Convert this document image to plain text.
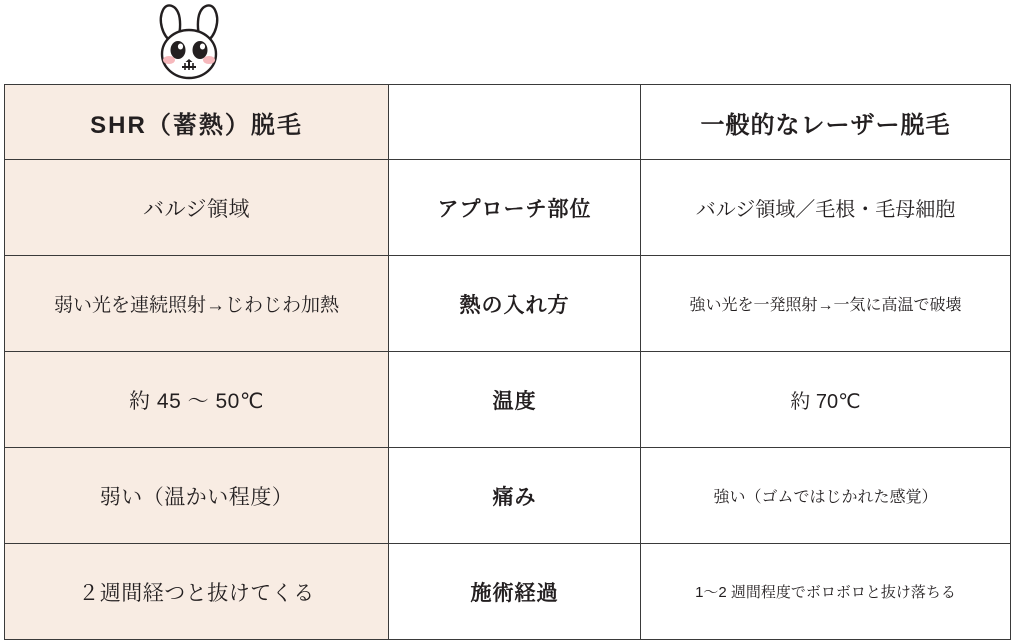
SHR（蓄熱）脱毛		一般的なレーザー脱毛
バルジ領域	アプローチ部位	バルジ領域／毛根・毛母細胞
弱い光を連続照射→じわじわ加熱	熱の入れ方	強い光を一発照射→一気に高温で破壊
約 45 〜 50℃	温度	約 70℃
弱い（温かい程度）	痛み	強い（ゴムではじかれた感覚）
２週間経つと抜けてくる	施術経過	1〜2 週間程度でボロボロと抜け落ちる
